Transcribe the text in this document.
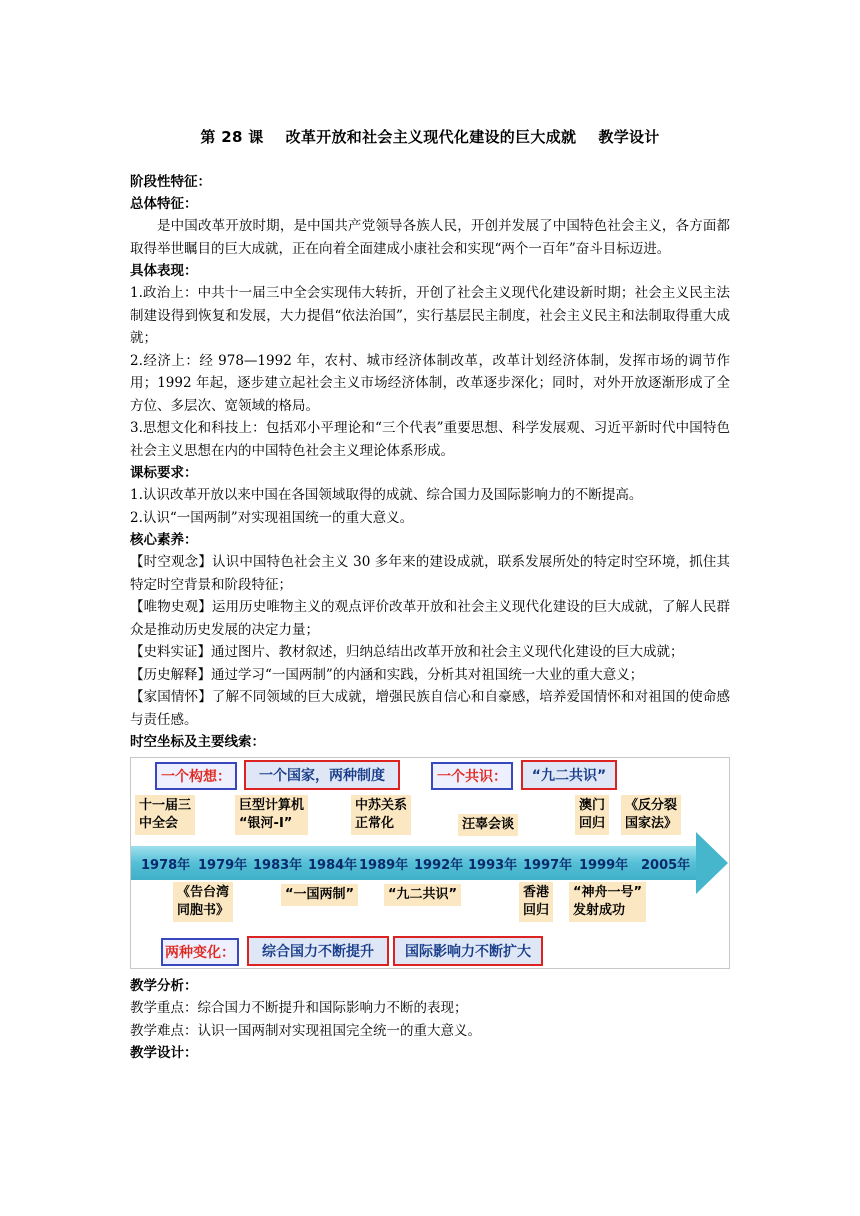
第 28 课    改革开放和社会主义现代化建设的巨大成就    教学设计
阶段性特征：
总体特征：

是中国改革开放时期，是中国共产党领导各族人民，开创并发展了中国特色社会主义，各方面都取得举世瞩目的巨大成就，正在向着全面建成小康社会和实现“两个一百年”奋斗目标迈进。

具体表现：

1.政治上：中共十一届三中全会实现伟大转折，开创了社会主义现代化建设新时期；社会主义民主法制建设得到恢复和发展，大力提倡“依法治国”，实行基层民主制度，社会主义民主和法制取得重大成就；

2.经济上：经 978—1992 年，农村、城市经济体制改革，改革计划经济体制，发挥市场的调节作用；1992 年起，逐步建立起社会主义市场经济体制，改革逐步深化；同时，对外开放逐渐形成了全方位、多层次、宽领域的格局。

3.思想文化和科技上：包括邓小平理论和“三个代表”重要思想、科学发展观、习近平新时代中国特色社会主义思想在内的中国特色社会主义理论体系形成。

课标要求：

1.认识改革开放以来中国在各国领域取得的成就、综合国力及国际影响力的不断提高。

2.认识“一国两制”对实现祖国统一的重大意义。

核心素养：

【时空观念】认识中国特色社会主义 30 多年来的建设成就，联系发展所处的特定时空环境，抓住其特定时空背景和阶段特征；

【唯物史观】运用历史唯物主义的观点评价改革开放和社会主义现代化建设的巨大成就，了解人民群众是推动历史发展的决定力量；

【史料实证】通过图片、教材叙述，归纳总结出改革开放和社会主义现代化建设的巨大成就；

【历史解释】通过学习“一国两制”的内涵和实践，分析其对祖国统一大业的重大意义；

【家国情怀】了解不同领域的巨大成就，增强民族自信心和自豪感，培养爱国情怀和对祖国的使命感与责任感。

时空坐标及主要线索：
一个构想：	一个国家，两种制度	一个共识：	“九二共识”
十一届三
中全会
巨型计算机
“银河-Ⅰ”
中苏关系
正常化	汪辜会谈
澳门
回归
《反分裂
国家法》
1978年 1979年 1983年 1984年 1989年 1992年 1993年 1997年 1999年 2005年
《告台湾
同胞书》
“一国两制”	“九二共识”	香港
回归
“神舟一号”
发射成功
两种变化：	综合国力不断提升	国际影响力不断扩大
教学分析：

教学重点：综合国力不断提升和国际影响力不断的表现；

教学难点：认识一国两制对实现祖国完全统一的重大意义。

教学设计：
